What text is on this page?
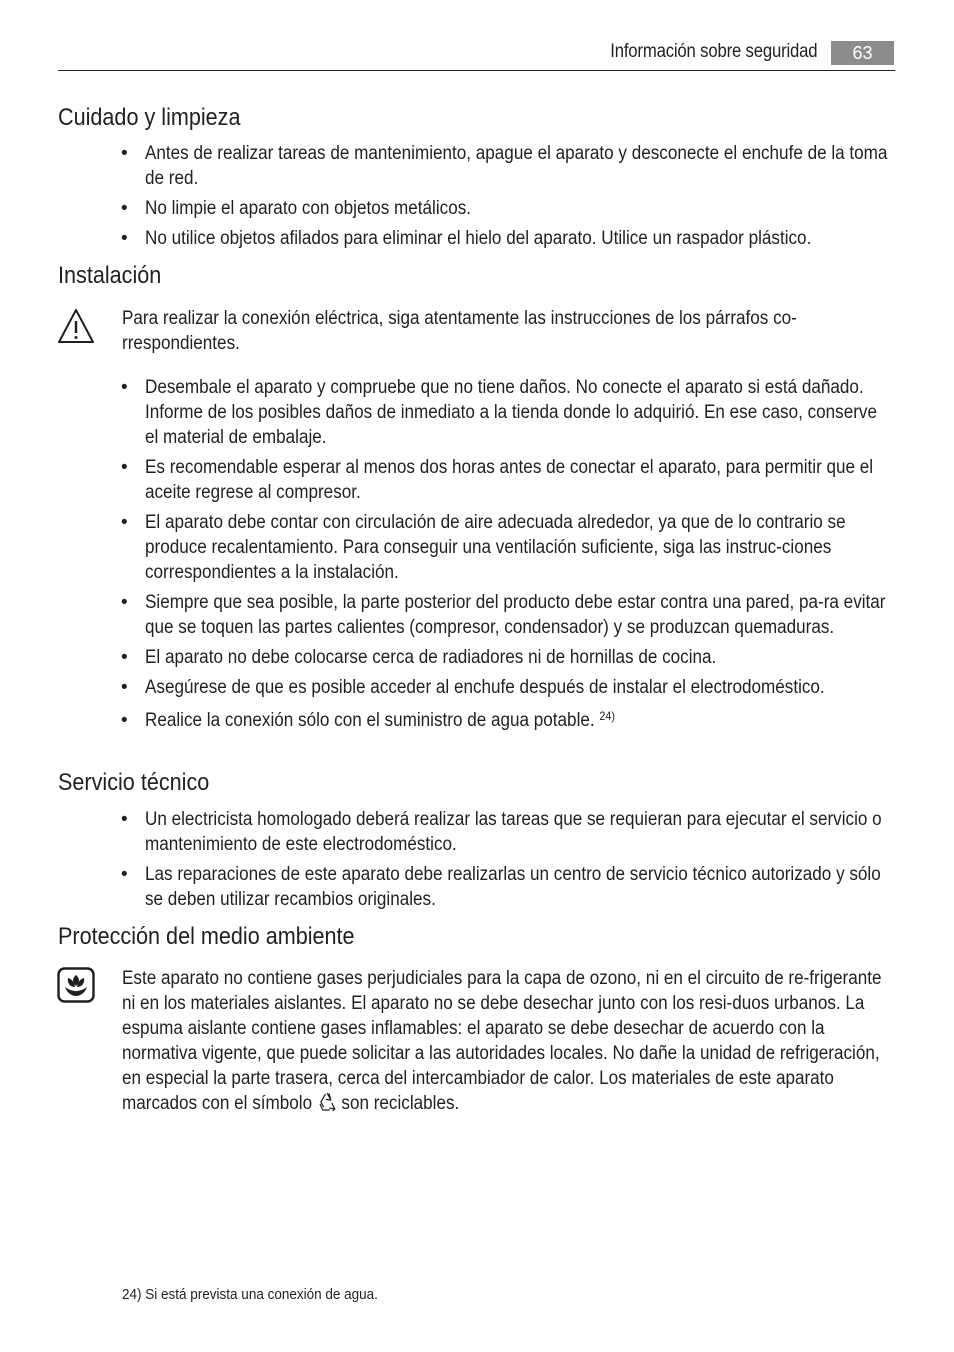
Información sobre seguridad	63
Cuidado y limpieza
• Antes de realizar tareas de mantenimiento, apague el aparato y desconecte el enchufe de la toma de red.
• No limpie el aparato con objetos metálicos.
• No utilice objetos afilados para eliminar el hielo del aparato. Utilice un raspador plástico.
Instalación
Para realizar la conexión eléctrica, siga atentamente las instrucciones de los párrafos co-rrespondientes.
• Desembale el aparato y compruebe que no tiene daños. No conecte el aparato si está dañado. Informe de los posibles daños de inmediato a la tienda donde lo adquirió. En ese caso, conserve el material de embalaje.
• Es recomendable esperar al menos dos horas antes de conectar el aparato, para permitir que el aceite regrese al compresor.
• El aparato debe contar con circulación de aire adecuada alrededor, ya que de lo contrario se produce recalentamiento. Para conseguir una ventilación suficiente, siga las instruc-ciones correspondientes a la instalación.
• Siempre que sea posible, la parte posterior del producto debe estar contra una pared, pa-ra evitar que se toquen las partes calientes (compresor, condensador) y se produzcan quemaduras.
• El aparato no debe colocarse cerca de radiadores ni de hornillas de cocina.
• Asegúrese de que es posible acceder al enchufe después de instalar el electrodoméstico.
• Realice la conexión sólo con el suministro de agua potable. $^{24)}$
Servicio técnico
• Un electricista homologado deberá realizar las tareas que se requieran para ejecutar el servicio o mantenimiento de este electrodoméstico.
• Las reparaciones de este aparato debe realizarlas un centro de servicio técnico autorizado y sólo se deben utilizar recambios originales.
Protección del medio ambiente
Este aparato no contiene gases perjudiciales para la capa de ozono, ni en el circuito de re-frigerante ni en los materiales aislantes. El aparato no se debe desechar junto con los resi-duos urbanos. La espuma aislante contiene gases inflamables: el aparato se debe desechar de acuerdo con la normativa vigente, que puede solicitar a las autoridades locales. No dañe la unidad de refrigeración, en especial la parte trasera, cerca del intercambiador de calor. Los materiales de este aparato marcados con el símbolo son reciclables.
24) Si está prevista una conexión de agua.
